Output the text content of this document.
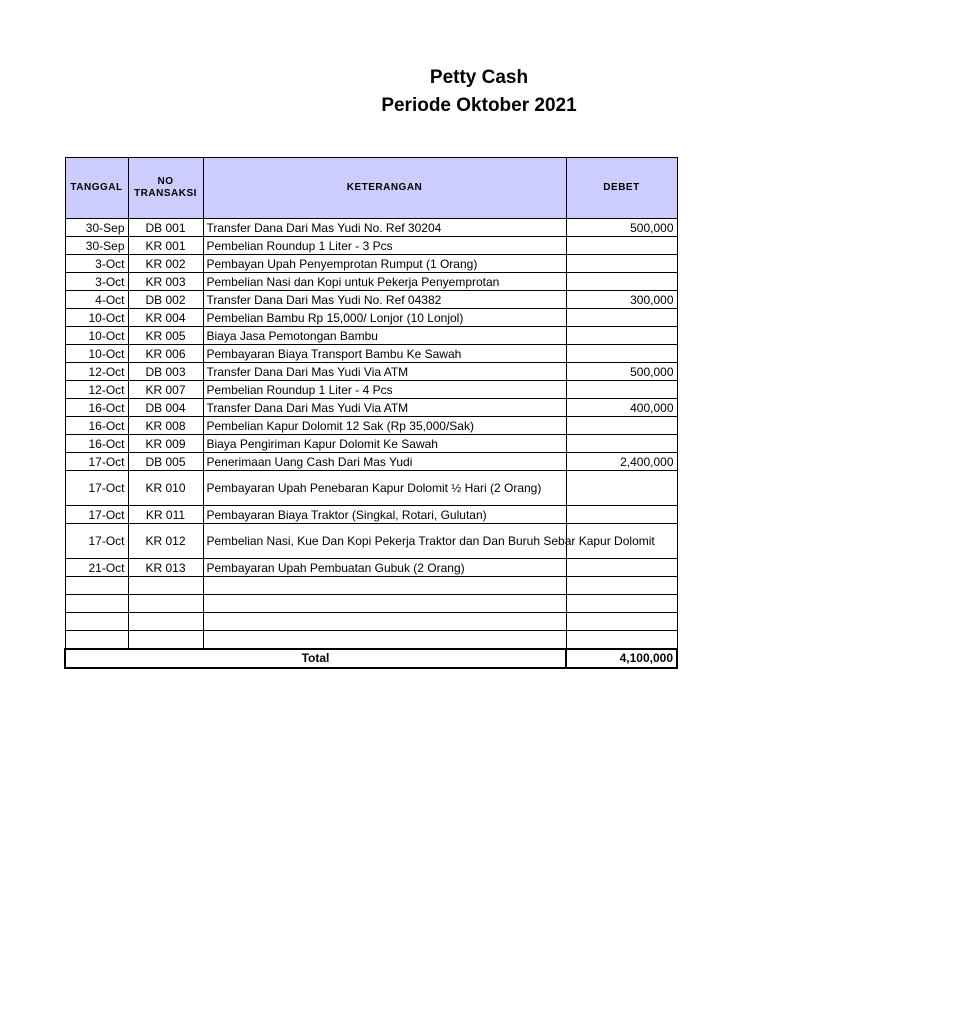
Petty Cash
Periode Oktober 2021
TANGGAL	NO TRANSAKSI	KETERANGAN	DEBET
30-Sep	DB 001	Transfer Dana Dari Mas Yudi No. Ref 30204	500,000
30-Sep	KR 001	Pembelian Roundup 1 Liter - 3 Pcs	
3-Oct	KR 002	Pembayan Upah Penyemprotan Rumput (1 Orang)	
3-Oct	KR 003	Pembelian Nasi dan Kopi untuk Pekerja Penyemprotan	
4-Oct	DB 002	Transfer Dana Dari Mas Yudi No. Ref 04382	300,000
10-Oct	KR 004	Pembelian Bambu Rp 15,000/ Lonjor (10 Lonjol)	
10-Oct	KR 005	Biaya Jasa Pemotongan Bambu	
10-Oct	KR 006	Pembayaran Biaya Transport Bambu Ke Sawah	
12-Oct	DB 003	Transfer Dana Dari Mas Yudi Via ATM	500,000
12-Oct	KR 007	Pembelian Roundup 1 Liter - 4 Pcs	
16-Oct	DB 004	Transfer Dana Dari Mas Yudi Via ATM	400,000
16-Oct	KR 008	Pembelian Kapur Dolomit 12 Sak (Rp 35,000/Sak)	
16-Oct	KR 009	Biaya Pengiriman Kapur Dolomit Ke Sawah	
17-Oct	DB 005	Penerimaan Uang Cash Dari Mas Yudi	2,400,000
17-Oct	KR 010	Pembayaran Upah Penebaran Kapur Dolomit ½ Hari (2 Orang)	
17-Oct	KR 011	Pembayaran Biaya Traktor (Singkal, Rotari, Gulutan)	
17-Oct	KR 012	Pembelian Nasi, Kue Dan Kopi Pekerja Traktor dan Dan Buruh Sebar Kapur Dolomit	
21-Oct	KR 013	Pembayaran Upah Pembuatan Gubuk (2 Orang)	

Total			4,100,000
